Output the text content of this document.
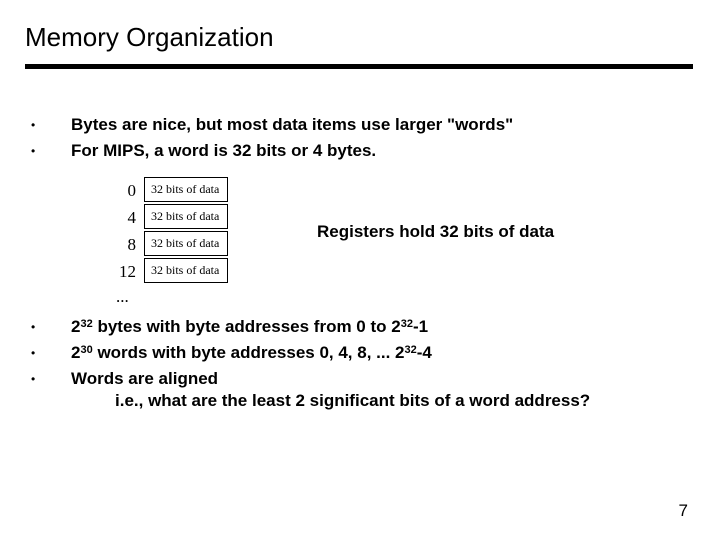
Memory Organization
• Bytes are nice, but most data items use larger "words"
• For MIPS, a word is 32 bits or 4 bytes.
0
4
8
12
32 bits of data
32 bits of data
32 bits of data
32 bits of data
...
Registers hold 32 bits of data
• $2^{32}$ bytes with byte addresses from 0 to $2^{32}-1$
• $2^{30}$ words with byte addresses 0, 4, 8, ... $2^{32}-4$
• Words are aligned
i.e., what are the least 2 significant bits of a word address?
7
